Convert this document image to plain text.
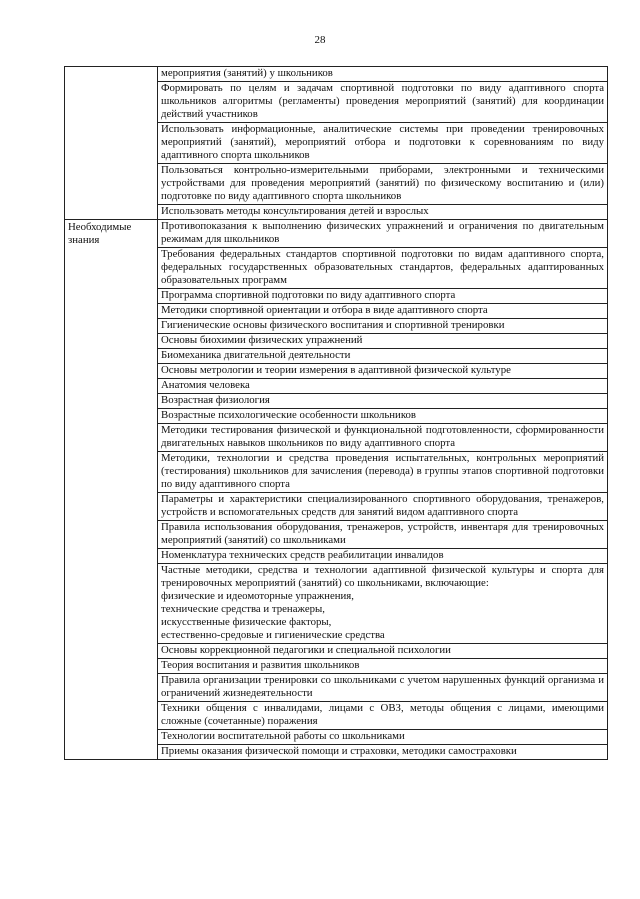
28
	мероприятия (занятий) у школьников
	Формировать по целям и задачам спортивной подготовки по виду адаптивного спорта школьников алгоритмы (регламенты) проведения мероприятий (занятий) для координации действий участников
	Использовать информационные, аналитические системы при проведении тренировочных мероприятий (занятий), мероприятий отбора и подготовки к соревнованиям по виду адаптивного спорта школьников
	Пользоваться контрольно-измерительными приборами, электронными и техническими устройствами для проведения мероприятий (занятий) по физическому воспитанию и (или) подготовке по виду адаптивного спорта школьников
	Использовать методы консультирования детей и взрослых
Необходимые знания	Противопоказания к выполнению физических упражнений и ограничения по двигательным режимам для школьников
	Требования федеральных стандартов спортивной подготовки по видам адаптивного спорта, федеральных государственных образовательных стандартов, федеральных адаптированных образовательных программ
	Программа спортивной подготовки по виду адаптивного спорта
	Методики спортивной ориентации и отбора в виде адаптивного спорта
	Гигиенические основы физического воспитания и спортивной тренировки
	Основы биохимии физических упражнений
	Биомеханика двигательной деятельности
	Основы метрологии и теории измерения в адаптивной физической культуре
	Анатомия человека
	Возрастная физиология
	Возрастные психологические особенности школьников
	Методики тестирования физической и функциональной подготовленности, сформированности двигательных навыков школьников по виду адаптивного спорта
	Методики, технологии и средства проведения испытательных, контрольных мероприятий (тестирования) школьников для зачисления (перевода) в группы этапов спортивной подготовки по виду адаптивного спорта
	Параметры и характеристики специализированного спортивного оборудования, тренажеров, устройств и вспомогательных средств для занятий видом адаптивного спорта
	Правила использования оборудования, тренажеров, устройств, инвентаря для тренировочных мероприятий (занятий) со школьниками
	Номенклатура технических средств реабилитации инвалидов

	Частные методики, средства и технологии адаптивной физической культуры и спорта для тренировочных мероприятий (занятий) со школьниками, включающие:
физические и идеомоторные упражнения,
технические средства и тренажеры,
искусственные физические факторы,
естественно-средовые и гигиенические средства

	Основы коррекционной педагогики и специальной психологии
	Теория воспитания и развития школьников
	Правила организации тренировки со школьниками с учетом нарушенных функций организма и ограничений жизнедеятельности
	Техники общения с инвалидами, лицами с ОВЗ, методы общения с лицами, имеющими сложные (сочетанные) поражения
	Технологии воспитательной работы со школьниками
	Приемы оказания физической помощи и страховки, методики самостраховки
